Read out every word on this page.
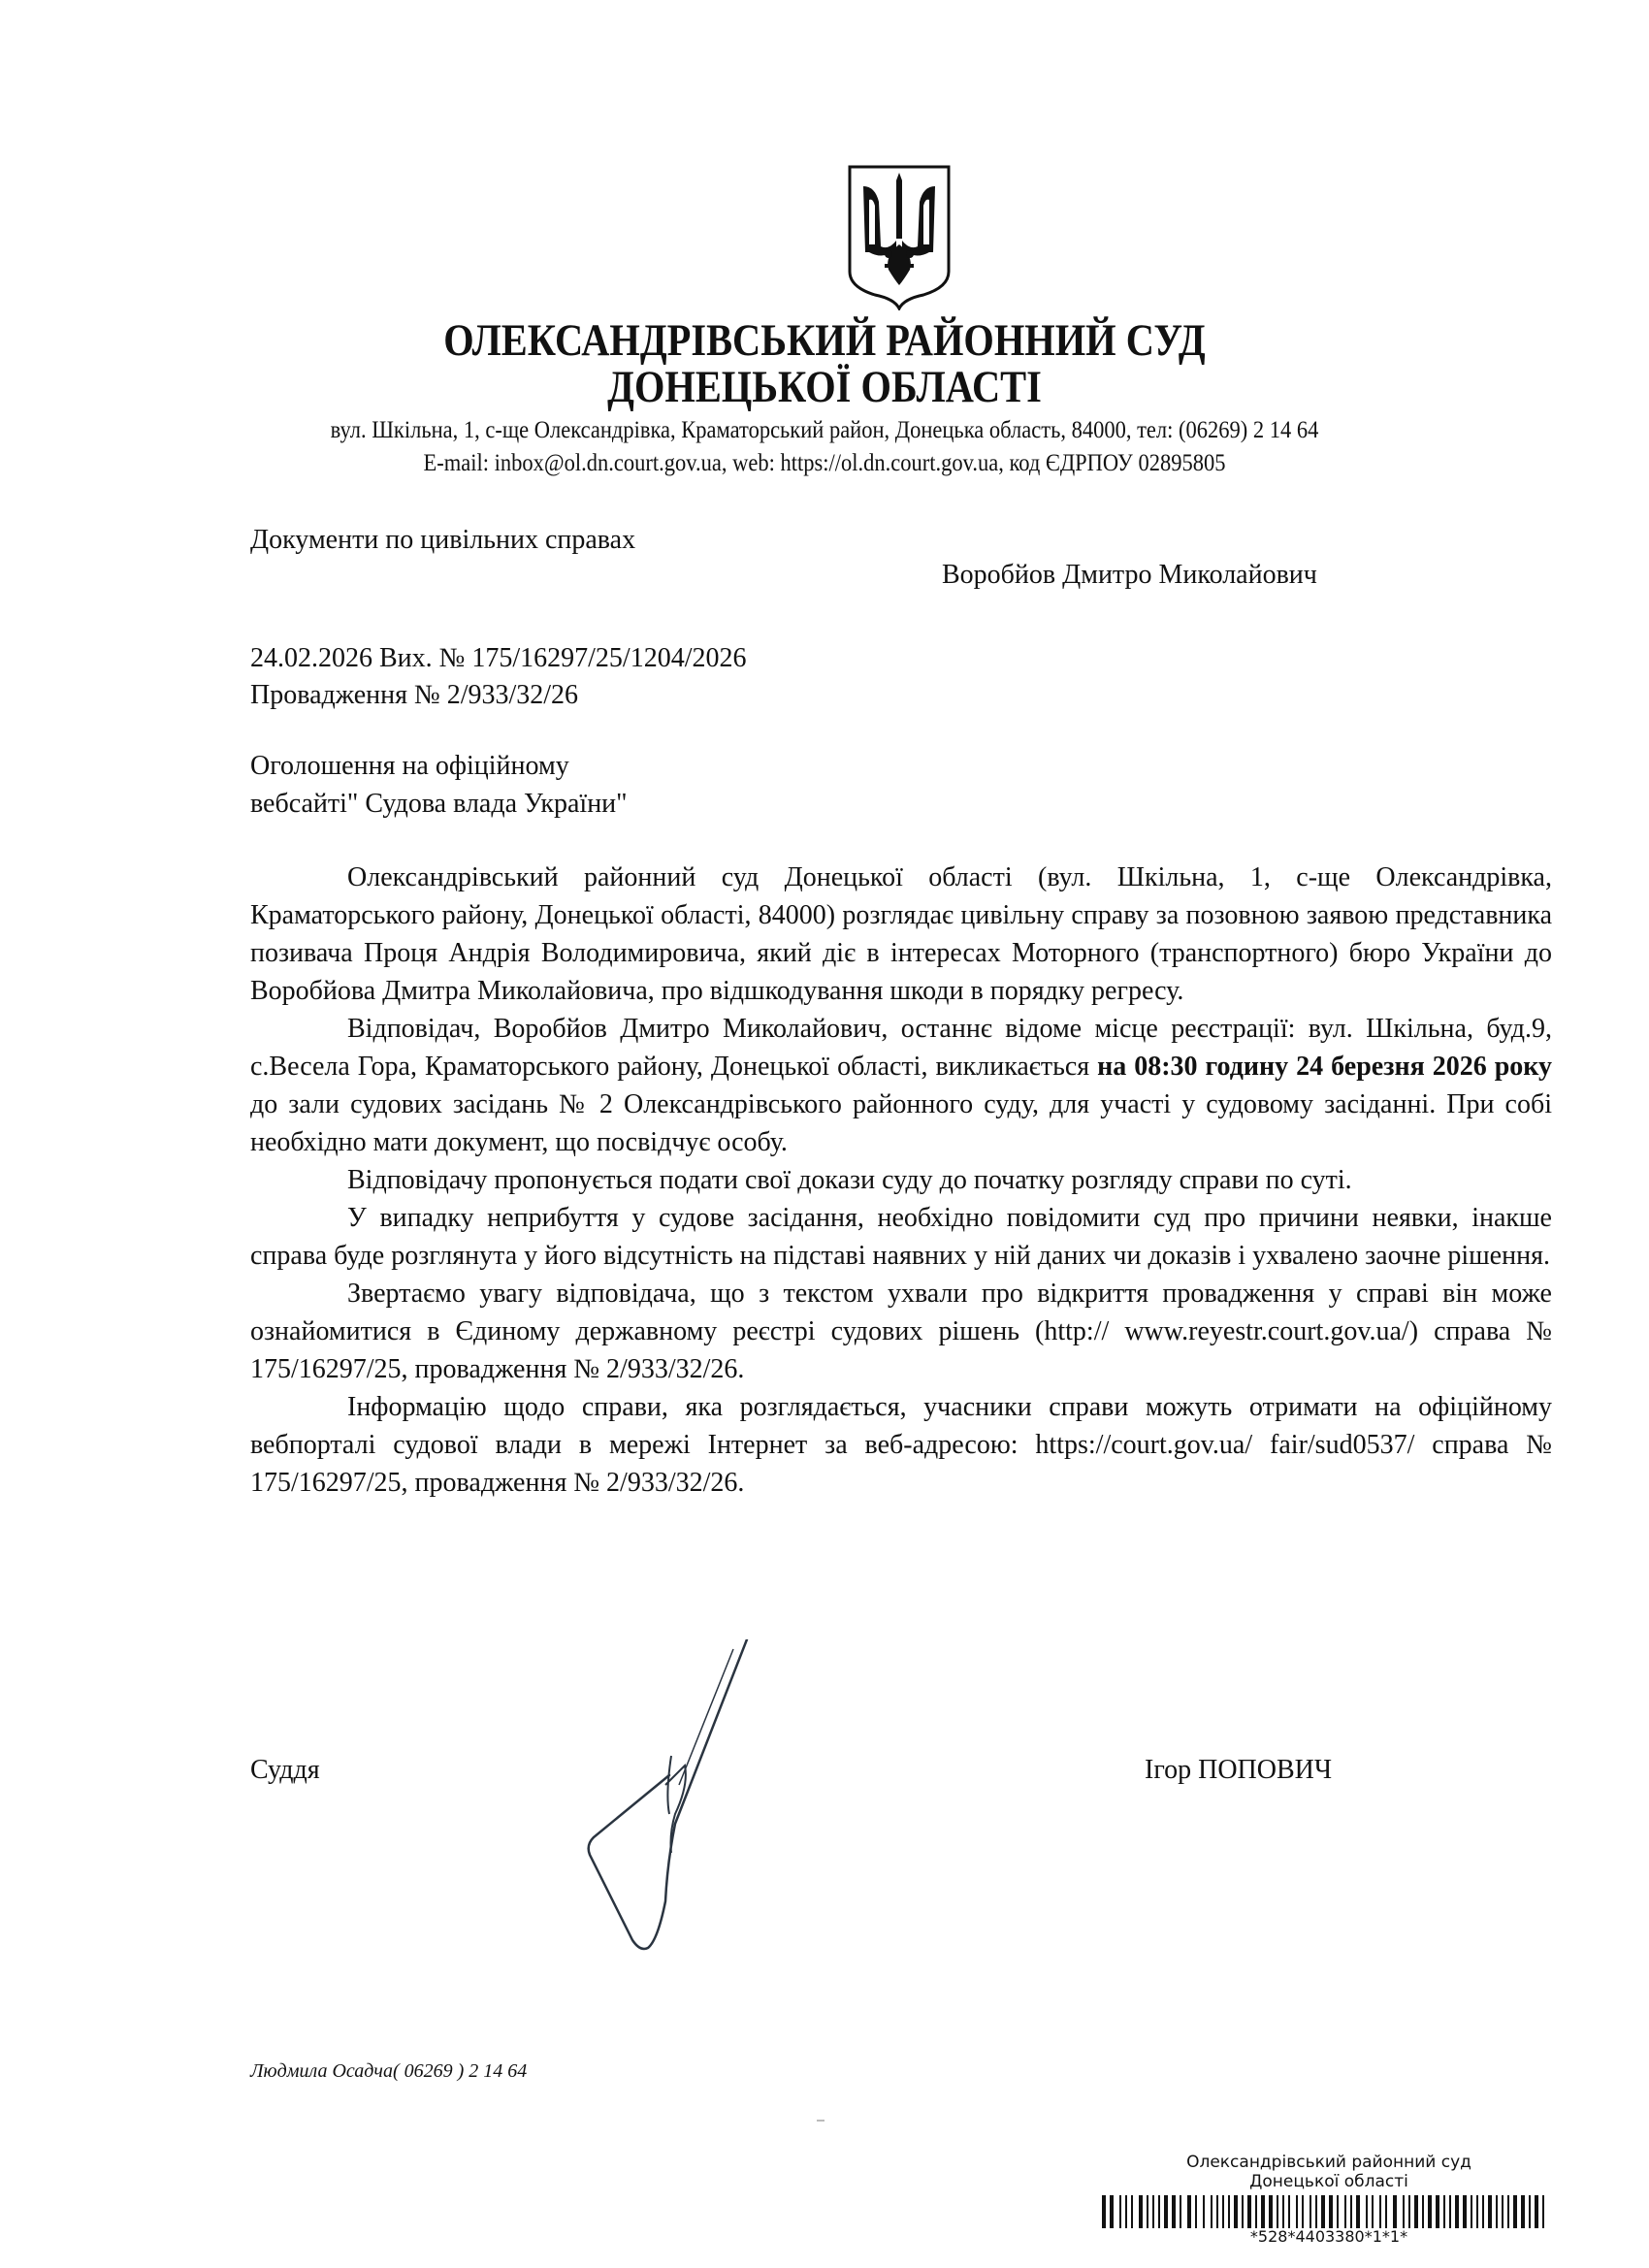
ОЛЕКСАНДРІВСЬКИЙ РАЙОННИЙ СУД
ДОНЕЦЬКОЇ ОБЛАСТІ
вул. Шкільна, 1, с-ще Олександрівка, Краматорський район, Донецька область, 84000, тел: (06269) 2 14 64
E-mail: inbox@ol.dn.court.gov.ua, web: https://ol.dn.court.gov.ua, код ЄДРПОУ 02895805
Документи по цивільних справах
Воробйов Дмитро Миколайович
24.02.2026 Вих. № 175/16297/25/1204/2026
Провадження № 2/933/32/26
Оголошення на офіційному
вебсайті" Судова влада України"

Олександрівський районний суд Донецької області (вул. Шкільна, 1, с-ще Олександрівка, Краматорського району, Донецької області, 84000) розглядає цивільну справу за позовною заявою представника позивача Проця Андрія Володимировича, який діє в інтересах Моторного (транспортного) бюро України до Воробйова Дмитра Миколайовича, про відшкодування шкоди в порядку регресу.

Відповідач, Воробйов Дмитро Миколайович, останнє відоме місце реєстрації: вул. Шкільна, буд.9, с.Весела Гора, Краматорського району, Донецької області, викликається на 08:30 годину 24 березня 2026 року до зали судових засідань № 2 Олександрівського районного суду, для участі у судовому засіданні. При собі необхідно мати документ, що посвідчує особу.

Відповідачу пропонується подати свої докази суду до початку розгляду справи по суті.

У випадку неприбуття у судове засідання, необхідно повідомити суд про причини неявки, інакше справа буде розглянута у його відсутність на підставі наявних у ній даних чи доказів і ухвалено заочне рішення.

Звертаємо увагу відповідача, що з текстом ухвали про відкриття провадження у справі він може ознайомитися в Єдиному державному реєстрі судових рішень (http:// www.reyestr.court.gov.ua/) справа № 175/16297/25, провадження № 2/933/32/26.

Інформацію щодо справи, яка розглядається, учасники справи можуть отримати на офіційному вебпорталі судової влади в мережі Інтернет за веб-адресою: https://court.gov.ua/ fair/sud0537/ справа № 175/16297/25, провадження № 2/933/32/26.

Суддя	Ігор ПОПОВИЧ
Людмила Осадча( 06269 ) 2 14 64
Олександрівський районний суд
Донецької області
*528*4403380*1*1*
